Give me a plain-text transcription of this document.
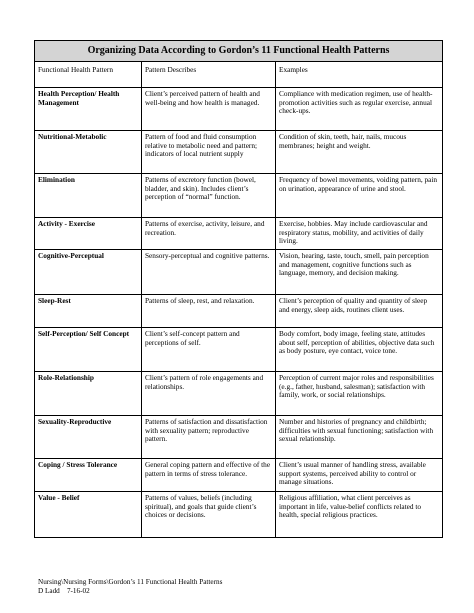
Organizing Data According to Gordon’s 11 Functional Health Patterns		
Functional Health Pattern	Pattern Describes	Examples
Health Perception/ Health Management	Client’s perceived pattern of health and well-being and how health is managed.	Compliance with medication regimen, use of health-promotion activities such as regular exercise, annual check-ups.
Nutritional-Metabolic	Pattern of food and fluid consumption relative to metabolic need and pattern; indicators of local nutrient supply	Condition of skin, teeth, hair, nails, mucous membranes; height and weight.
Elimination	Patterns of excretory function (bowel, bladder, and skin). Includes client’s perception of “normal” function.	Frequency of bowel movements, voiding pattern, pain on urination, appearance of urine and stool.
Activity - Exercise	Patterns of exercise, activity, leisure, and recreation.	Exercise, hobbies. May include cardiovascular and respiratory status, mobility, and activities of daily living.
Cognitive-Perceptual	Sensory-perceptual and cognitive patterns.	Vision, hearing, taste, touch, smell, pain perception and management, cognitive functions such as language, memory, and decision making.
Sleep-Rest	Patterns of sleep, rest, and relaxation.	Client’s perception of quality and quantity of sleep and energy, sleep aids, routines client uses.
Self-Perception/ Self Concept	Client’s self-concept pattern and perceptions of self.	Body comfort, body image, feeling state, attitudes about self, perception of abilities, objective data such as body posture, eye contact, voice tone.
Role-Relationship	Client’s pattern of role engagements and relationships.	Perception of current major roles and responsibilities (e.g., father, husband, salesman); satisfaction with family, work, or social relationships.
Sexuality-Reproductive	Patterns of satisfaction and dissatisfaction with sexuality pattern; reproductive pattern.	Number and histories of pregnancy and childbirth; difficulties with sexual functioning; satisfaction with sexual relationship.
Coping / Stress Tolerance	General coping pattern and effective of the pattern in terms of stress tolerance.	Client’s usual manner of handling stress, available support systems, perceived ability to control or manage situations.
Value - Belief	Patterns of values, beliefs (including spiritual), and goals that guide client’s choices or decisions.	Religious affiliation, what client perceives as important in life, value-belief conflicts related to health, special religious practices.
Nursing\Nursing Forms\Gordon’s 11 Functional Health Patterns
D Ladd    7-16-02
